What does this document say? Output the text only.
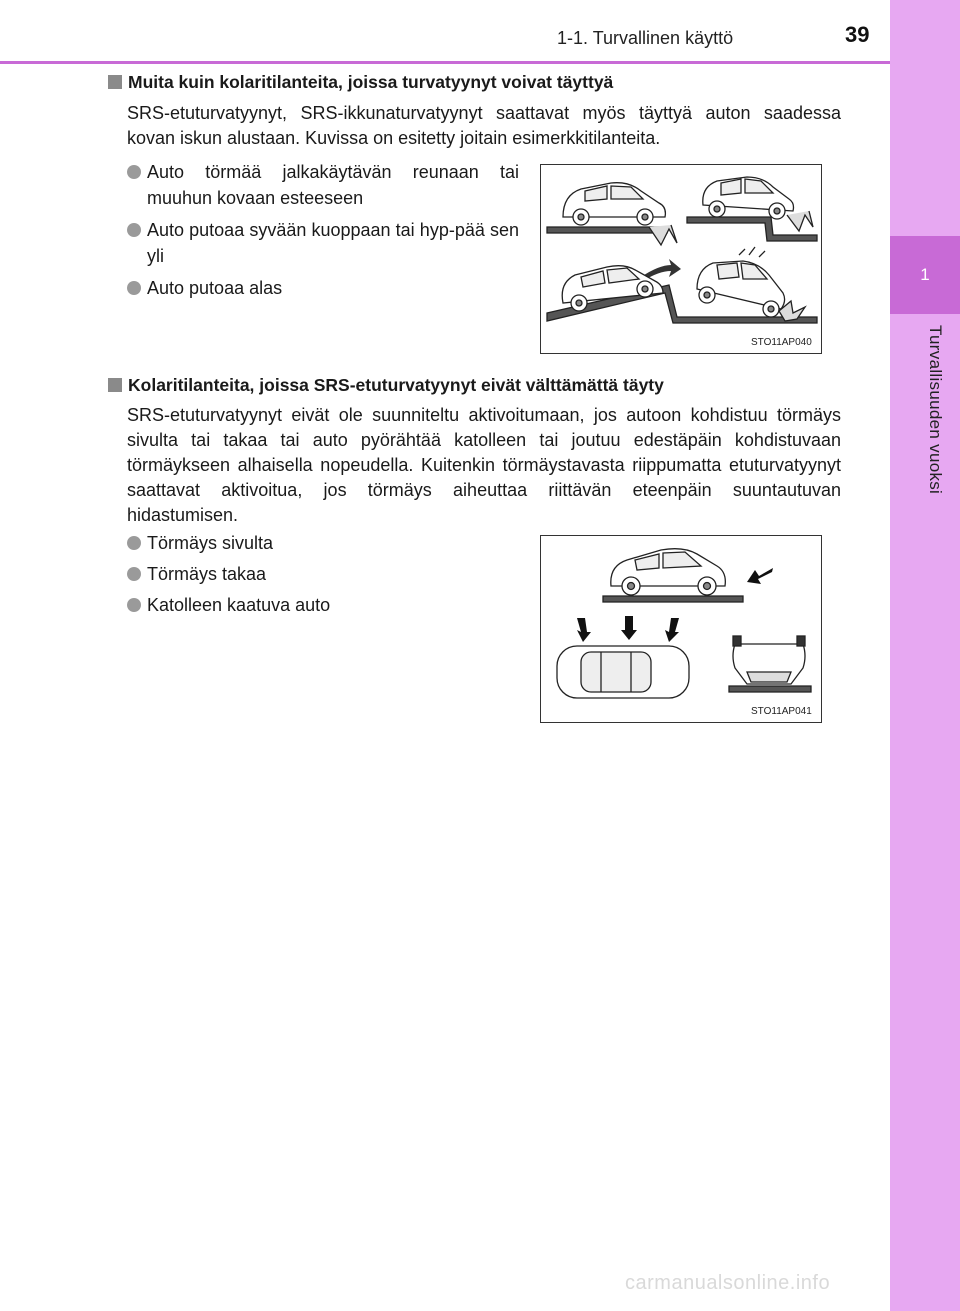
1
Turvallisuuden vuoksi
1-1. Turvallinen käyttö	39
Muita kuin kolaritilanteita, joissa turvatyynyt voivat täyttyä
SRS-etuturvatyynyt, SRS-ikkunaturvatyynyt saattavat myös täyttyä auton saadessa kovan iskun alustaan. Kuvissa on esitetty joitain esimerkkitilanteita.
Auto törmää jalkakäytävän reunaan tai muuhun kovaan esteeseen
Auto putoaa syvään kuoppaan tai hyp-pää sen yli
Auto putoaa alas
STO11AP040
Kolaritilanteita, joissa SRS-etuturvatyynyt eivät välttämättä täyty
SRS-etuturvatyynyt eivät ole suunniteltu aktivoitumaan, jos autoon kohdistuu törmäys sivulta tai takaa tai auto pyörähtää katolleen tai joutuu edestäpäin kohdistuvaan törmäykseen alhaisella nopeudella. Kuitenkin törmäystavasta riippumatta etuturvatyynyt saattavat aktivoitua, jos törmäys aiheuttaa riittävän eteenpäin suuntautuvan hidastumisen.
Törmäys sivulta
Törmäys takaa
Katolleen kaatuva auto
STO11AP041
carmanualsonline.info
